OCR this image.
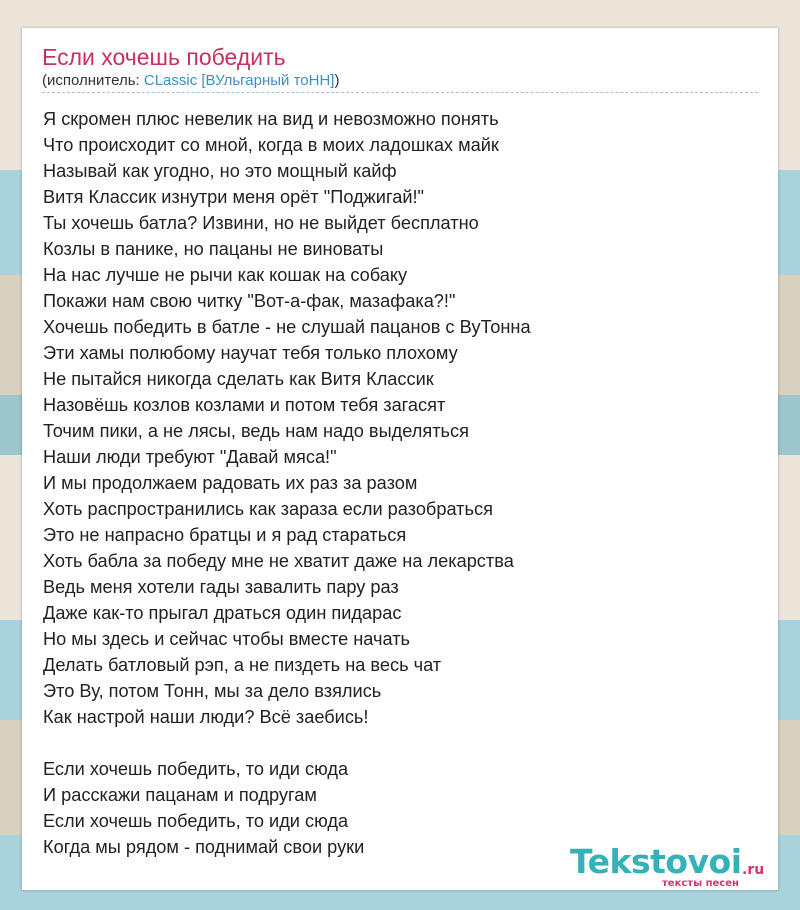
Если хочешь победить
(исполнитель: CLassic [ВУльгарный тоНН])
Я скромен плюс невелик на вид и невозможно понять
Что происходит со мной, когда в моих ладошках майк
Называй как угодно, но это мощный кайф
Витя Классик изнутри меня орёт "Поджигай!"
Ты хочешь батла? Извини, но не выйдет бесплатно
Козлы в панике, но пацаны не виноваты
На нас лучше не рычи как кошак на собаку
Покажи нам свою читку "Вот-а-фак, мазафака?!"
Хочешь победить в батле - не слушай пацанов с ВуТонна
Эти хамы полюбому научат тебя только плохому
Не пытайся никогда сделать как Витя Классик
Назовёшь козлов козлами и потом тебя загасят
Точим пики, а не лясы, ведь нам надо выделяться
Наши люди требуют "Давай мяса!"
И мы продолжаем радовать их раз за разом
Хоть распространились как зараза если разобраться
Это не напрасно братцы и я рад стараться
Хоть бабла за победу мне не хватит даже на лекарства
Ведь меня хотели гады завалить пару раз
Даже как-то прыгал драться один пидарас
Но мы здесь и сейчас чтобы вместе начать
Делать батловый рэп, а не пиздеть на весь чат
Это Ву, потом Тонн, мы за дело взялись
Как настрой наши люди? Всё заебись!
Если хочешь победить, то иди сюда
И расскажи пацанам и подругам
Если хочешь победить, то иди сюда
Когда мы рядом - поднимай свои руки	Tekstovoi .ru
тексты песен
